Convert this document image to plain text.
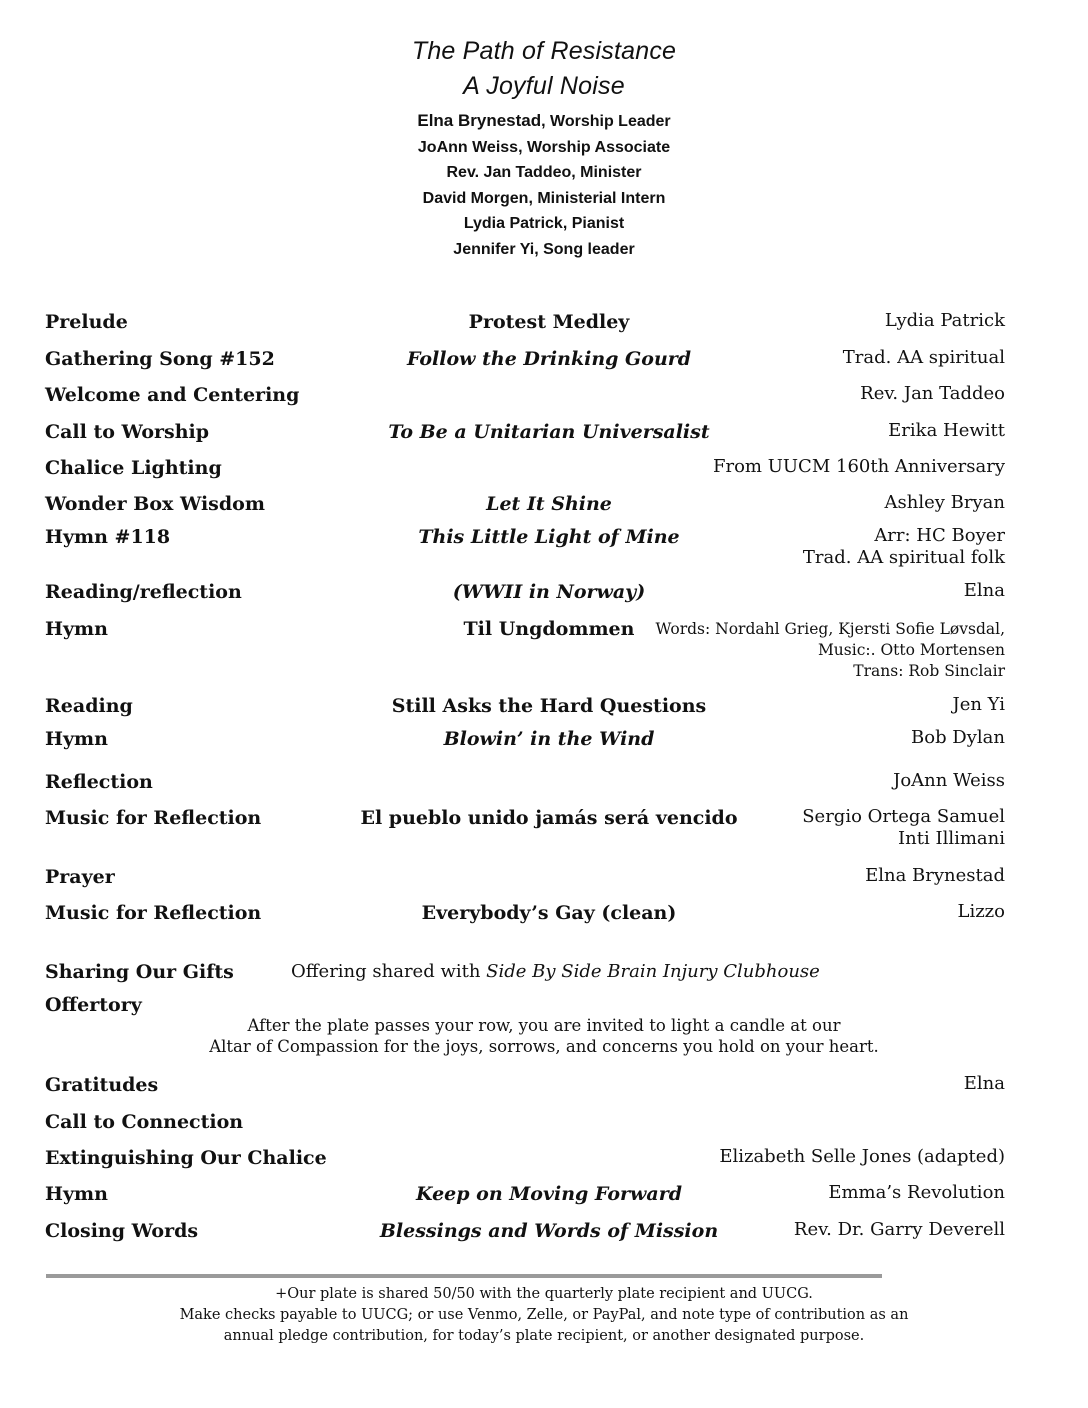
The Path of Resistance
A Joyful Noise
Elna Brynestad, Worship Leader
JoAnn Weiss, Worship Associate
Rev. Jan Taddeo, Minister
David Morgen, Ministerial Intern
Lydia Patrick, Pianist
Jennifer Yi, Song leader
Prelude	Protest Medley	Lydia Patrick
Gathering Song #152	Follow the Drinking Gourd	Trad. AA spiritual
Welcome and Centering	Rev. Jan Taddeo
Call to Worship	To Be a Unitarian Universalist	Erika Hewitt
Chalice Lighting	From UUCM 160th Anniversary
Wonder Box Wisdom	Let It Shine	Ashley Bryan
Hymn #118	This Little Light of Mine	Arr: HC Boyer
Trad. AA spiritual folk
Reading/reflection	(WWII in Norway)	Elna
Hymn	Til Ungdommen	Words: Nordahl Grieg, Kjersti Sofie Løvsdal,
Music:. Otto Mortensen
Trans: Rob Sinclair
Reading	Still Asks the Hard Questions	Jen Yi
Hymn	Blowin’ in the Wind	Bob Dylan
Reflection	JoAnn Weiss
Music for Reflection	El pueblo unido jamás será vencido	Sergio Ortega Samuel
Inti Illimani
Prayer	Elna Brynestad
Music for Reflection	Everybody’s Gay (clean)	Lizzo
Sharing Our Gifts	Offering shared with Side By Side Brain Injury Clubhouse
Offertory
After the plate passes your row, you are invited to light a candle at our
Altar of Compassion for the joys, sorrows, and concerns you hold on your heart.
Gratitudes	Elna
Call to Connection
Extinguishing Our Chalice	Elizabeth Selle Jones (adapted)
Hymn	Keep on Moving Forward	Emma’s Revolution
Closing Words	Blessings and Words of Mission	Rev. Dr. Garry Deverell
+Our plate is shared 50/50 with the quarterly plate recipient and UUCG.
Make checks payable to UUCG; or use Venmo, Zelle, or PayPal, and note type of contribution as an
annual pledge contribution, for today’s plate recipient, or another designated purpose.
